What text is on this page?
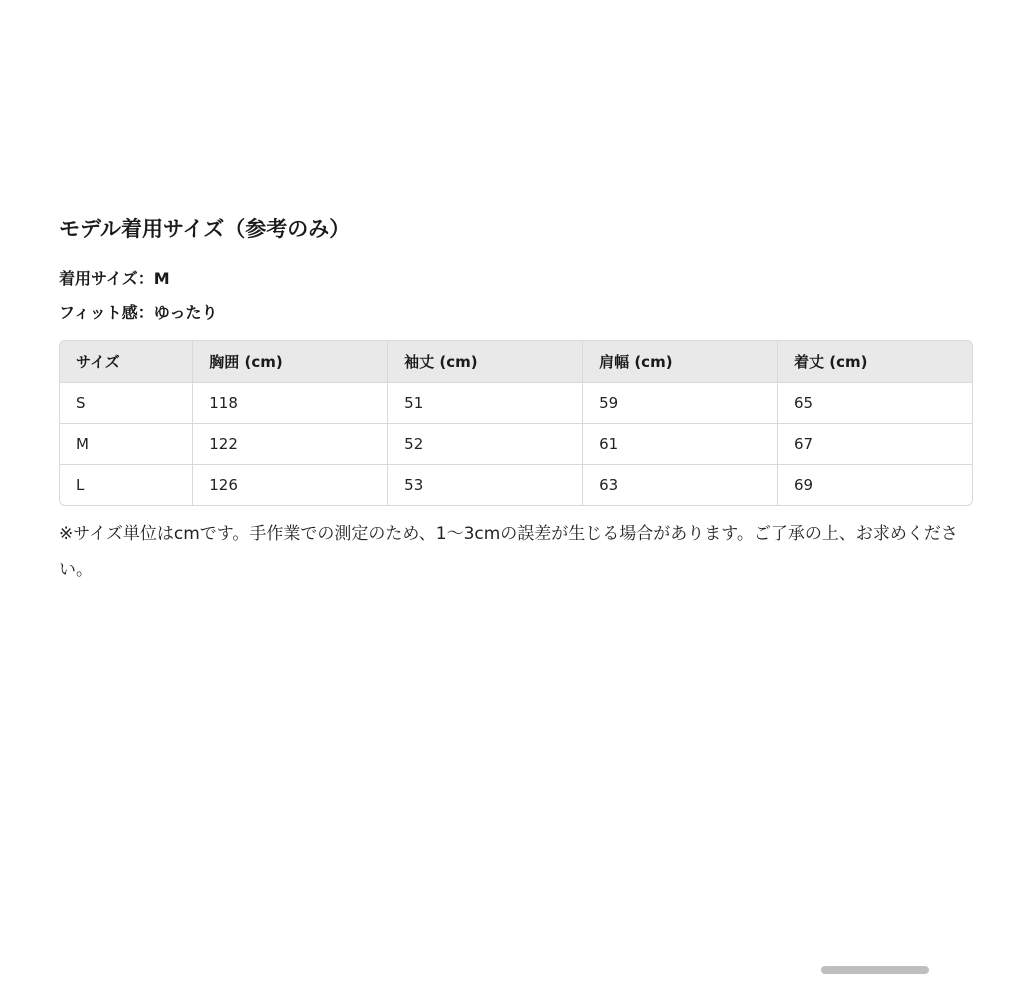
モデル着用サイズ（参考のみ）
着用サイズ：M
フィット感：ゆったり
サイズ	胸囲 (cm)	袖丈 (cm)	肩幅 (cm)	着丈 (cm)
S	118	51	59	65
M	122	52	61	67
L	126	53	63	69
※サイズ単位はcmです。手作業での測定のため、1〜3cmの誤差が生じる場合があります。ご了承の上、お求めください。
